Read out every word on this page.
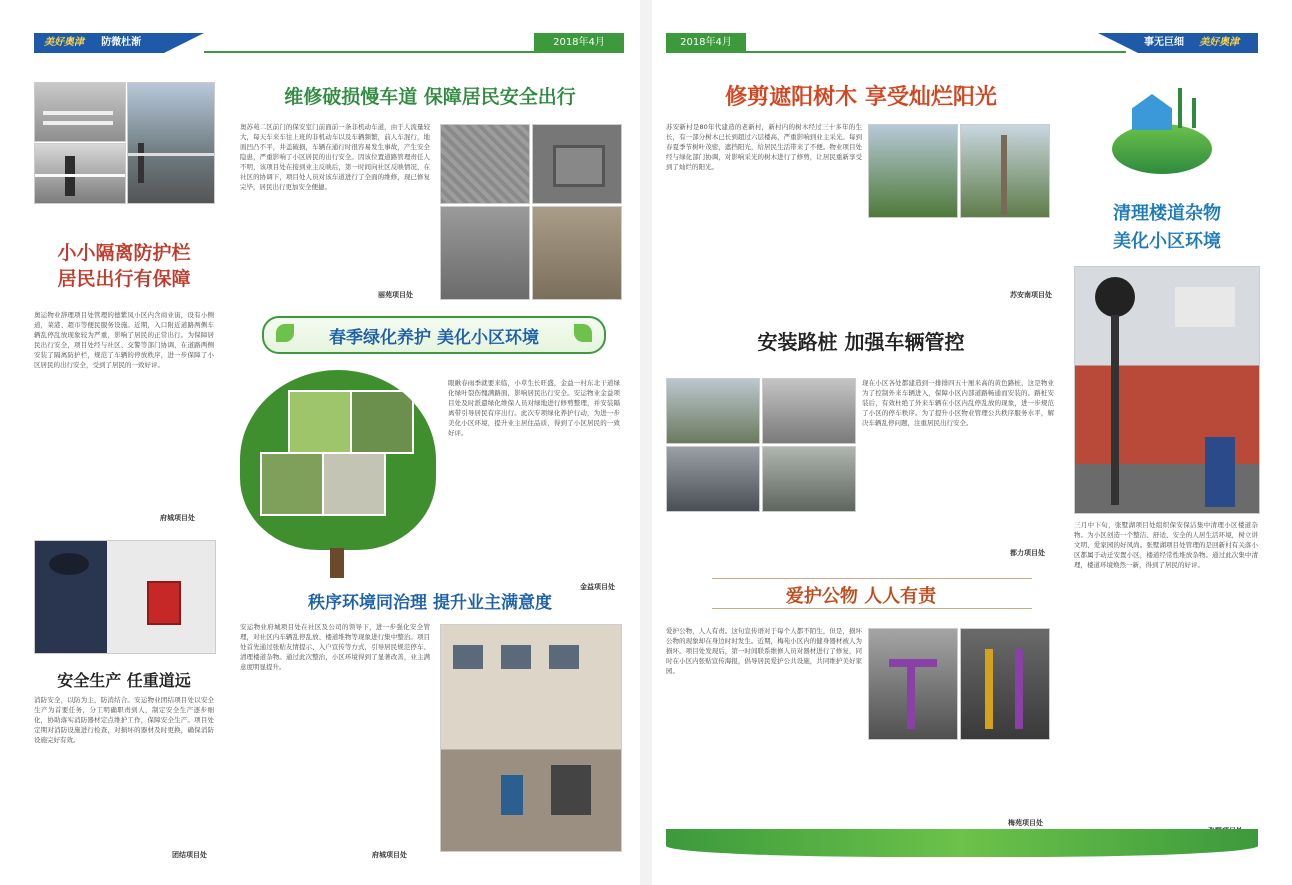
美好奥津 防微杜渐	2018年4月
小小隔离防护栏
居民出行有保障
奥运物业辞理项目处管理的德紫凤小区内含商业街，设有小侧道，菜港、超市等便民服务设施。近期，入口附近道路两侧车辆乱停乱放现象较为严重，影响了居民的正常出行。为保障居民出行安全，项目处经与社区、交警等部门协调，在道路两侧安装了隔离防护栏，规范了车辆的停放秩序，进一步保障了小区居民的出行安全，受到了居民的一致好评。
府城项目处
安全生产 任重道远
消防安全，以防为主，防消结合。安运物业团结项目处以安全生产为首要任务，分工明确职责到人，制定安全生产逐步细化，协助落实消防器材定点维护工作，保障安全生产。项目处定期对消防设施进行检查，对损坏的器材及时更换，确保消防设施完好有效。
团结项目处
维修破损慢车道 保障居民安全出行
奥苏苑二区前门的保安室门前面前一条非机动车道，由于人流量较大，每天车来车往上班的非机动车以及车辆频繁，前人车混行，地面凹凸不平，井盖破损，车辆在通行时很容易发生事故，产生安全隐患，严重影响了小区居民的出行安全。因该位置道路管理责任人不明，该项目处在接到业主反映后，第一时间向社区反映情况，在社区的协调下，项目处人员对该车道进行了全面的维修，现已修复完毕，居民出行更加安全便捷。
丽苑项目处
春季绿化养护 美化小区环境
眼瞅春雨季就要来临，小草生长旺盛，金益一村东北干道绿化绿叶裂伤愧满路面，影响居民出行安全。安运物业金益项目处及时派遣绿化维保人员对绿地进行修剪整理，并安装隔离带引导居民有序出行。此次专项绿化养护行动，为进一步美化小区环境，提升业主居住品质，得到了小区居民的一致好评。
金益项目处
秩序环境同治理 提升业主满意度
安运物业府城项目处在社区及公司的领导下，进一步强化安全管理，对社区内车辆乱停乱放、楼道堆物等现象进行集中整治。项目处首先通过张贴友情提示、入户宣传等方式，引导居民规范停车、清理楼道杂物。通过此次整治，小区环境得到了显著改善，业主满意度明显提升。
府城项目处
2018年4月	事无巨细 美好奥津
修剪遮阳树木 享受灿烂阳光
苏安新村是80年代建造的老新村，新村内的树木经过三十多年的生长，有一部分树木已长到超过六层楼高，严重影响到业主采光。每到春夏季节树叶茂密，遮挡阳光，给居民生活带来了不便。物业项目处经与绿化部门协调，对影响采光的树木进行了修剪，让居民重新享受到了灿烂的阳光。
苏安南项目处
安装路桩 加强车辆管控
现在小区各处都建造到一排排四五十厘米高的黄色路桩，这是物业为了控制外来车辆进入，保障小区内部道路畅通而安装的。路桩安装后，有效杜绝了外来车辆在小区内乱停乱放的现象，进一步规范了小区的停车秩序。为了提升小区物业管理公共秩序服务水平，解决车辆乱停问题，注重居民出行安全。
都力项目处
爱护公物 人人有责
爱护公物，人人有责。这句宣传语对于每个人都不陌生，但是，损坏公物的现象却在身边时时发生。近期，梅苑小区内的健身器材被人为损坏。项目处发现后，第一时间联系维修人员对器材进行了修复，同时在小区内张贴宣传海报，倡导居民爱护公共设施，共同维护美好家园。
梅苑项目处
清理楼道杂物
美化小区环境
三月中下旬，张墅湖项目处组织保安保洁集中清理小区楼道杂物。为小区创造一个整洁、舒适、安全的人居生活环境，树立讲文明、爱家园的好风尚。张墅湖项目处管理的是回新村有关落小区都属于动迁安置小区，楼道经常性堆放杂物。通过此次集中清理，楼道环境焕然一新，得到了居民的好评。
